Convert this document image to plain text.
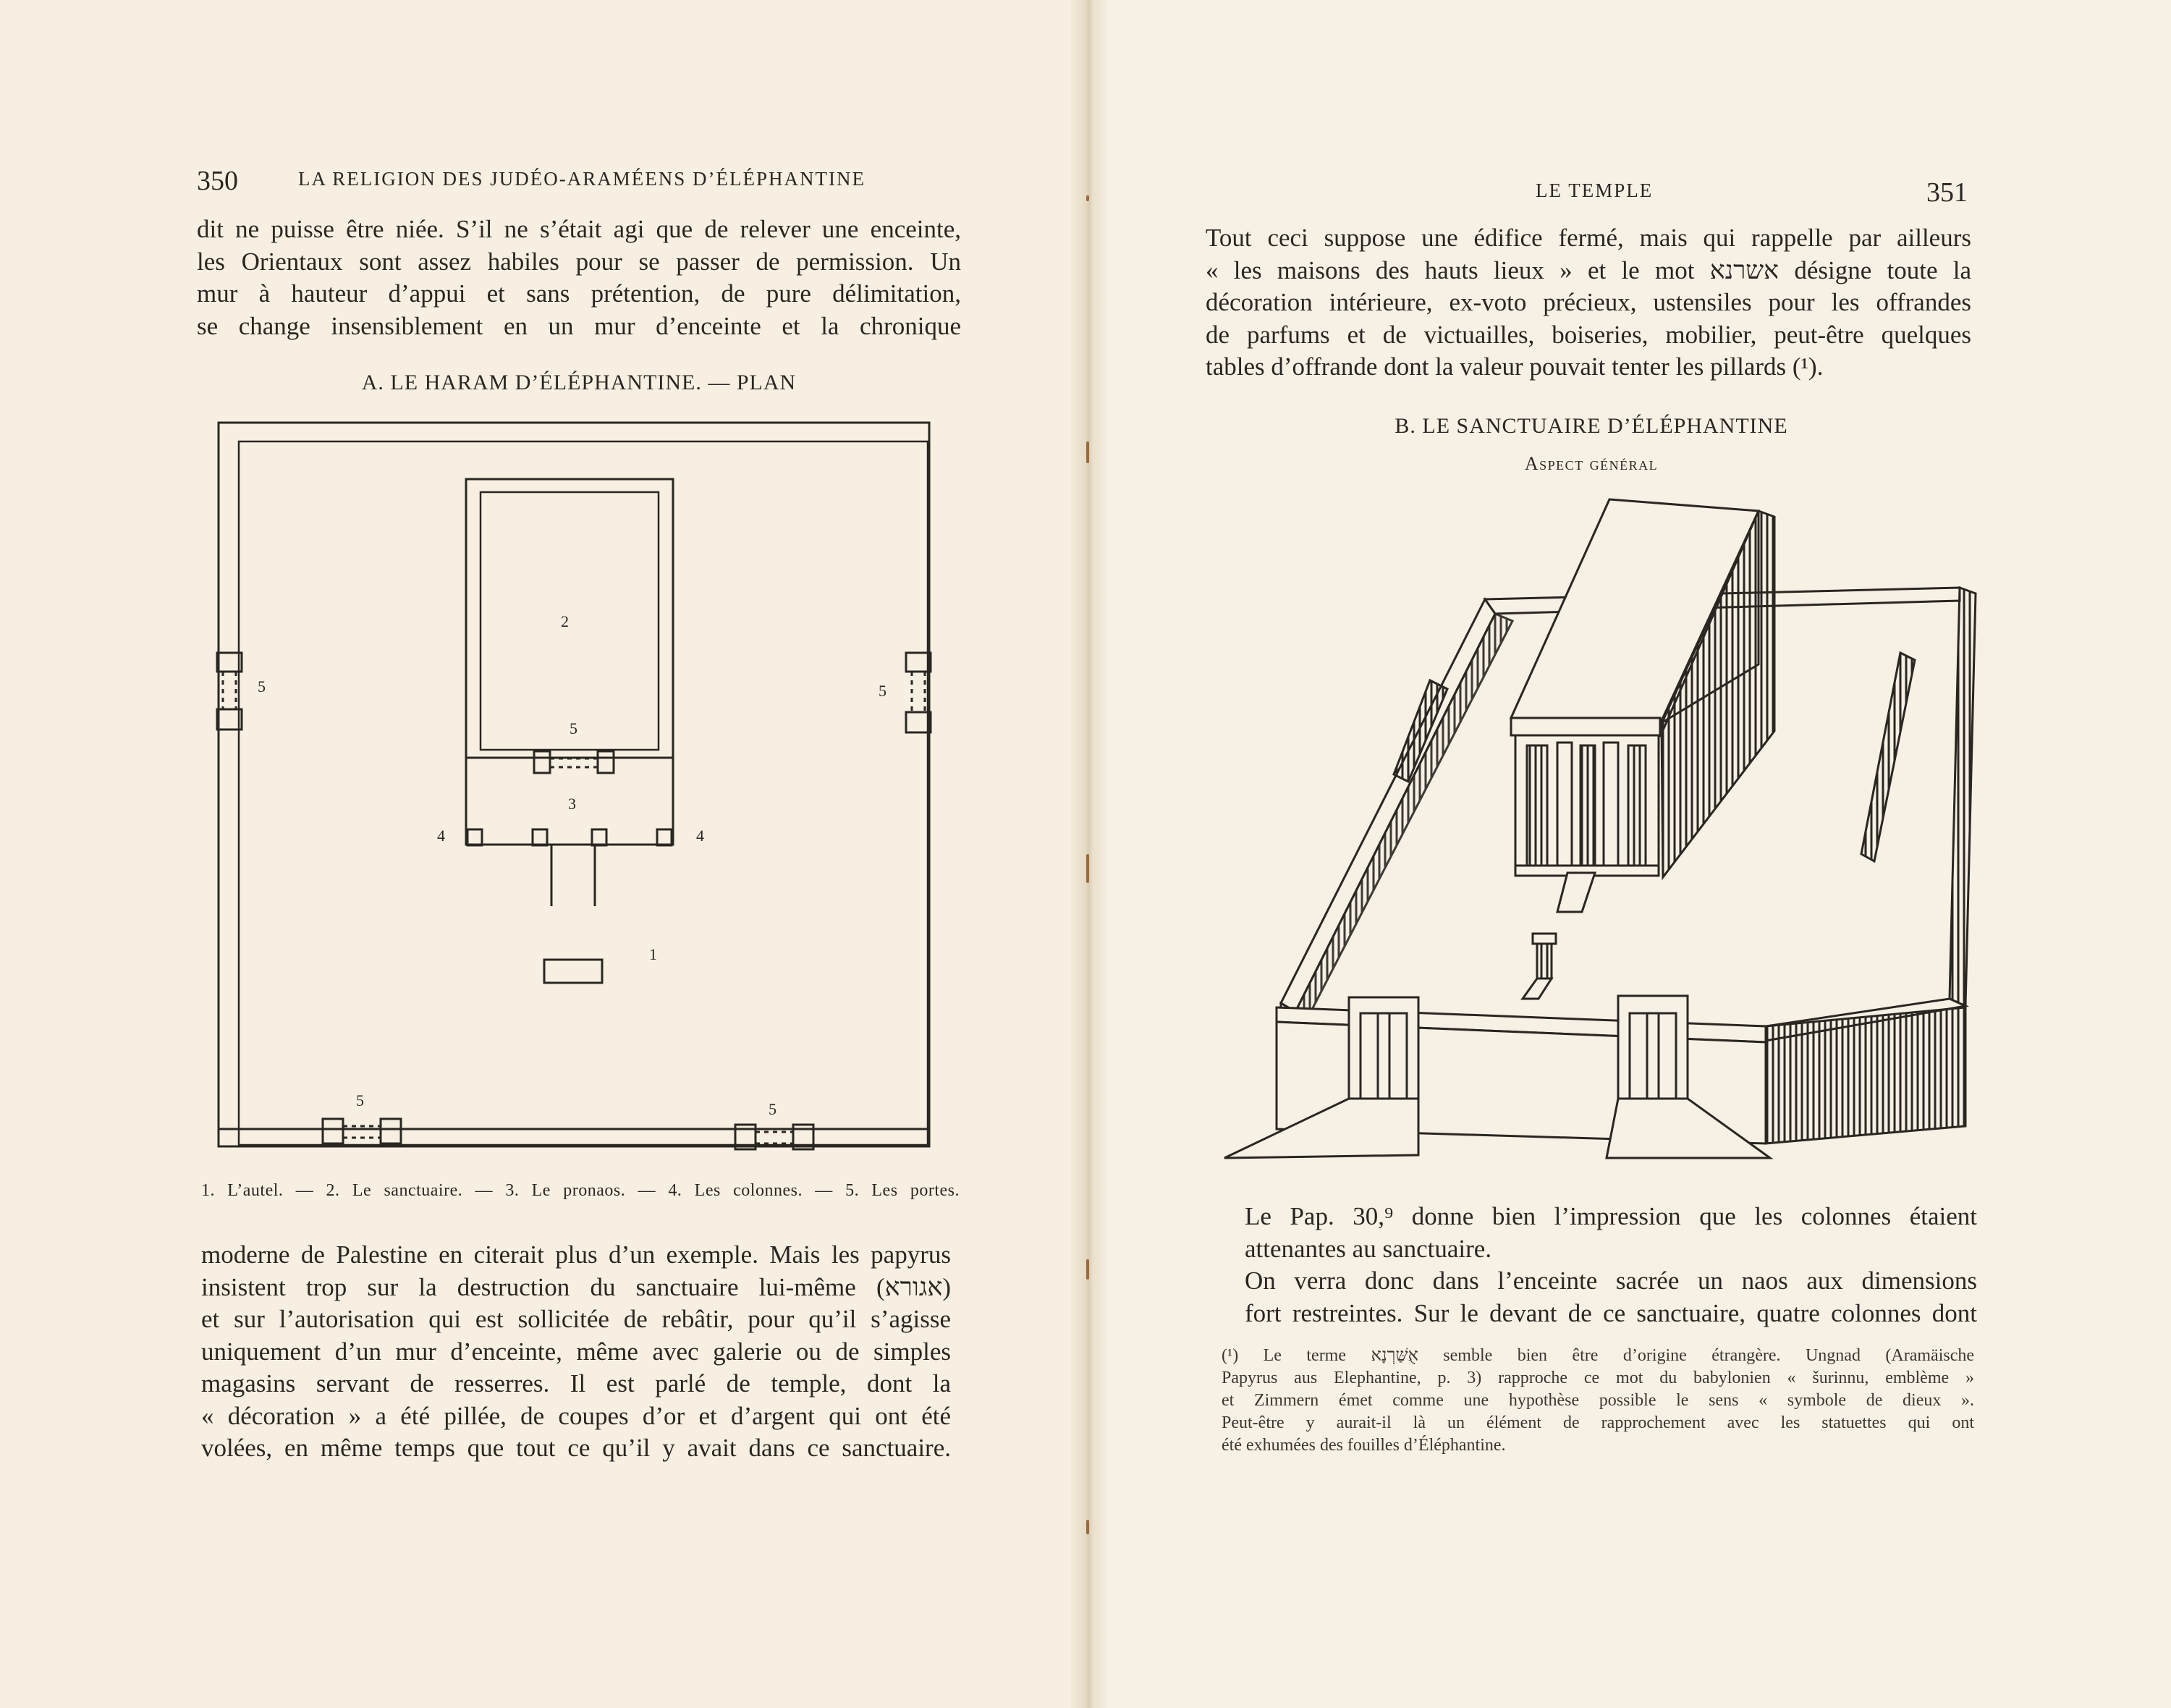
350	LA RELIGION DES JUDÉO-ARAMÉENS D’ÉLÉPHANTINE
dit ne puisse être niée. S’il ne s’était agi que de relever une enceinte,
les Orientaux sont assez habiles pour se passer de permission. Un
mur à hauteur d’appui et sans prétention, de pure délimitation,
se change insensiblement en un mur d’enceinte et la chronique
A. LE HARAM D’ÉLÉPHANTINE. — PLAN
2
5
3
4	4
1
5	5
5	5
1. L’autel. — 2. Le sanctuaire. — 3. Le pronaos. — 4. Les colonnes. — 5. Les portes.
moderne de Palestine en citerait plus d’un exemple. Mais les papyrus
insistent trop sur la destruction du sanctuaire lui-même (אגורא)
et sur l’autorisation qui est sollicitée de rebâtir, pour qu’il s’agisse
uniquement d’un mur d’enceinte, même avec galerie ou de simples
magasins servant de resserres. Il est parlé de temple, dont la
« décoration » a été pillée, de coupes d’or et d’argent qui ont été
volées, en même temps que tout ce qu’il y avait dans ce sanctuaire.
LE TEMPLE	351
Tout ceci suppose une édifice fermé, mais qui rappelle par ailleurs
« les maisons des hauts lieux » et le mot אשרנא désigne toute la
décoration intérieure, ex-voto précieux, ustensiles pour les offrandes
de parfums et de victuailles, boiseries, mobilier, peut-être quelques
tables d’offrande dont la valeur pouvait tenter les pillards (¹).
B. LE SANCTUAIRE D’ÉLÉPHANTINE
Aspect général
Le Pap. 30,⁹ donne bien l’impression que les colonnes étaient
attenantes au sanctuaire.
On verra donc dans l’enceinte sacrée un naos aux dimensions
fort restreintes. Sur le devant de ce sanctuaire, quatre colonnes dont
(¹) Le terme אֻשַּׁרְנָא semble bien être d’origine étrangère. Ungnad (Aramäische
Papyrus aus Elephantine, p. 3) rapproche ce mot du babylonien « šurinnu, emblème »
et Zimmern émet comme une hypothèse possible le sens « symbole de dieux ».
Peut-être y aurait-il là un élément de rapprochement avec les statuettes qui ont
été exhumées des fouilles d’Éléphantine.
